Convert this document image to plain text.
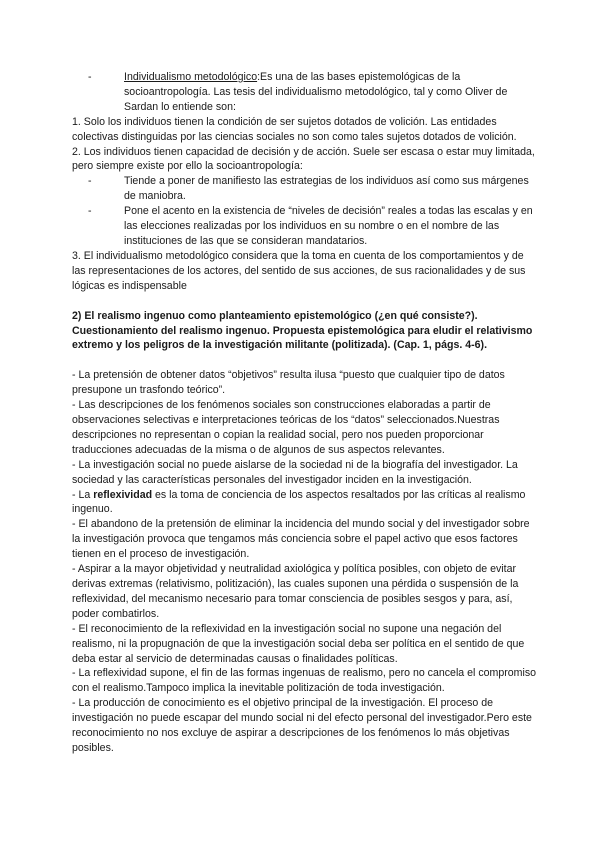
-	Individualismo metodológico:Es una de las bases epistemológicas de la socioantropología. Las tesis del individualismo metodológico, tal y como Oliver de Sardan lo entiende son:

1. Solo los individuos tienen la condición de ser sujetos dotados de volición. Las entidades colectivas distinguidas por las ciencias sociales no son como tales sujetos dotados de volición.

2. Los individuos tienen capacidad de decisión y de acción. Suele ser escasa o estar muy limitada, pero siempre existe por ello la socioantropología:

-	Tiende a poner de manifiesto las estrategias de los individuos así como sus márgenes de maniobra.
-	Pone el acento en la existencia de “niveles de decisión” reales a todas las escalas y en las elecciones realizadas por los individuos en su nombre o en el nombre de las instituciones de las que se consideran mandatarios.

3. El individualismo metodológico considera que la toma en cuenta de los comportamientos y de las representaciones de los actores, del sentido de sus acciones, de sus racionalidades y de sus lógicas es indispensable

2) El realismo ingenuo como planteamiento epistemológico (¿en qué consiste?). Cuestionamiento del realismo ingenuo. Propuesta epistemológica para eludir el relativismo extremo y los peligros de la investigación militante (politizada). (Cap. 1, págs. 4-6).

- La pretensión de obtener datos “objetivos” resulta ilusa “puesto que cualquier tipo de datos presupone un trasfondo teórico”.

- Las descripciones de los fenómenos sociales son construcciones elaboradas a partir de observaciones selectivas e interpretaciones teóricas de los “datos” seleccionados.Nuestras descripciones no representan o copian la realidad social, pero nos pueden proporcionar traducciones adecuadas de la misma o de algunos de sus aspectos relevantes.

- La investigación social no puede aislarse de la sociedad ni de la biografía del investigador. La sociedad y las características personales del investigador inciden en la investigación.

- La reflexividad es la toma de conciencia de los aspectos resaltados por las críticas al realismo ingenuo.

- El abandono de la pretensión de eliminar la incidencia del mundo social y del investigador sobre la investigación provoca que tengamos más conciencia sobre el papel activo que esos factores tienen en el proceso de investigación.

- Aspirar a la mayor objetividad y neutralidad axiológica y política posibles, con objeto de evitar derivas extremas (relativismo, politización), las cuales suponen una pérdida o suspensión de la reflexividad, del mecanismo necesario para tomar consciencia de posibles sesgos y para, así, poder combatirlos.

- El reconocimiento de la reflexividad en la investigación social no supone una negación del realismo, ni la propugnación de que la investigación social deba ser política en el sentido de que deba estar al servicio de determinadas causas o finalidades políticas.

- La reflexividad supone, el fin de las formas ingenuas de realismo, pero no cancela el compromiso con el realismo.Tampoco implica la inevitable politización de toda investigación.

- La producción de conocimiento es el objetivo principal de la investigación. El proceso de investigación no puede escapar del mundo social ni del efecto personal del investigador.Pero este reconocimiento no nos excluye de aspirar a descripciones de los fenómenos lo más objetivas posibles.
